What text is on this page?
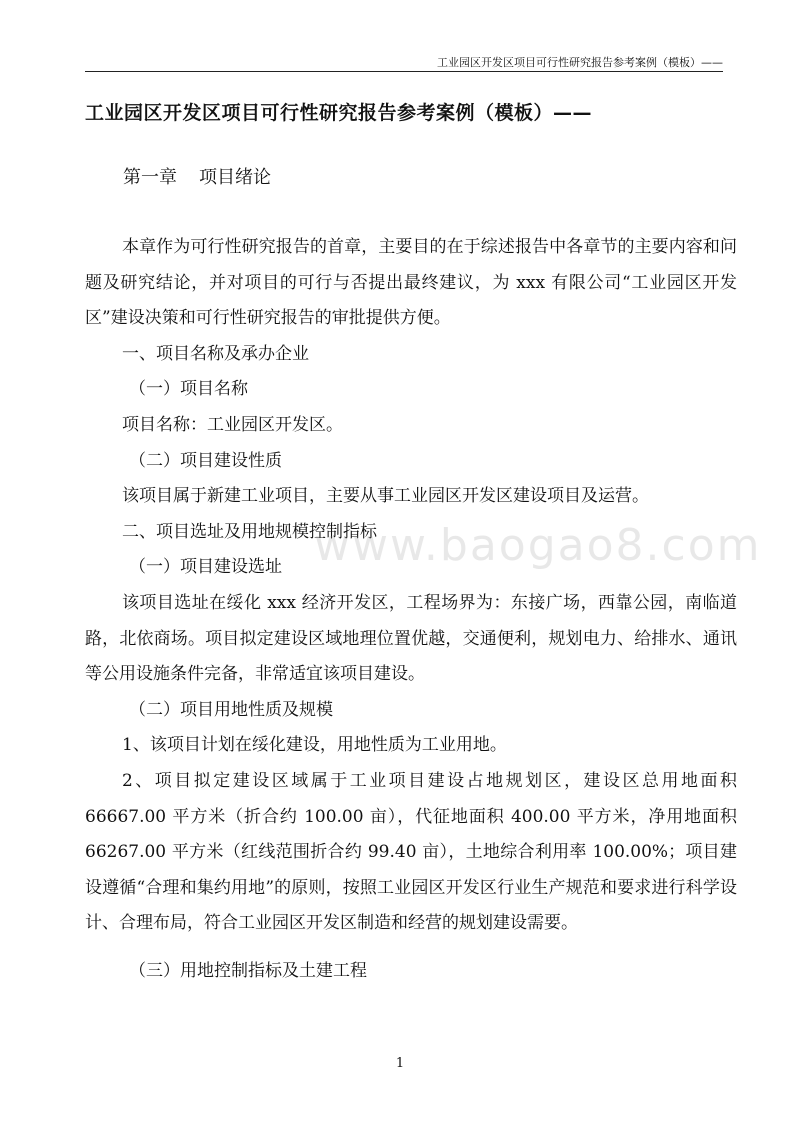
工业园区开发区项目可行性研究报告参考案例（模板）——
工业园区开发区项目可行性研究报告参考案例（模板）——
第一章 项目绪论

本章作为可行性研究报告的首章，主要目的在于综述报告中各章节的主要内容和问题及研究结论，并对项目的可行与否提出最终建议，为 xxx 有限公司“工业园区开发区”建设决策和可行性研究报告的审批提供方便。

一、项目名称及承办企业

（一）项目名称

项目名称：工业园区开发区。

（二）项目建设性质

该项目属于新建工业项目，主要从事工业园区开发区建设项目及运营。

二、项目选址及用地规模控制指标

（一）项目建设选址

该项目选址在绥化 xxx 经济开发区，工程场界为：东接广场，西靠公园，南临道路，北依商场。项目拟定建设区域地理位置优越，交通便利，规划电力、给排水、通讯等公用设施条件完备，非常适宜该项目建设。

（二）项目用地性质及规模

1、该项目计划在绥化建设，用地性质为工业用地。

2、项目拟定建设区域属于工业项目建设占地规划区，建设区总用地面积 66667.00 平方米（折合约 100.00 亩），代征地面积 400.00 平方米，净用地面积 66267.00 平方米（红线范围折合约 99.40 亩），土地综合利用率 100.00%；项目建设遵循“合理和集约用地”的原则，按照工业园区开发区行业生产规范和要求进行科学设计、合理布局，符合工业园区开发区制造和经营的规划建设需要。

（三）用地控制指标及土建工程

www.baogao8.com
1
